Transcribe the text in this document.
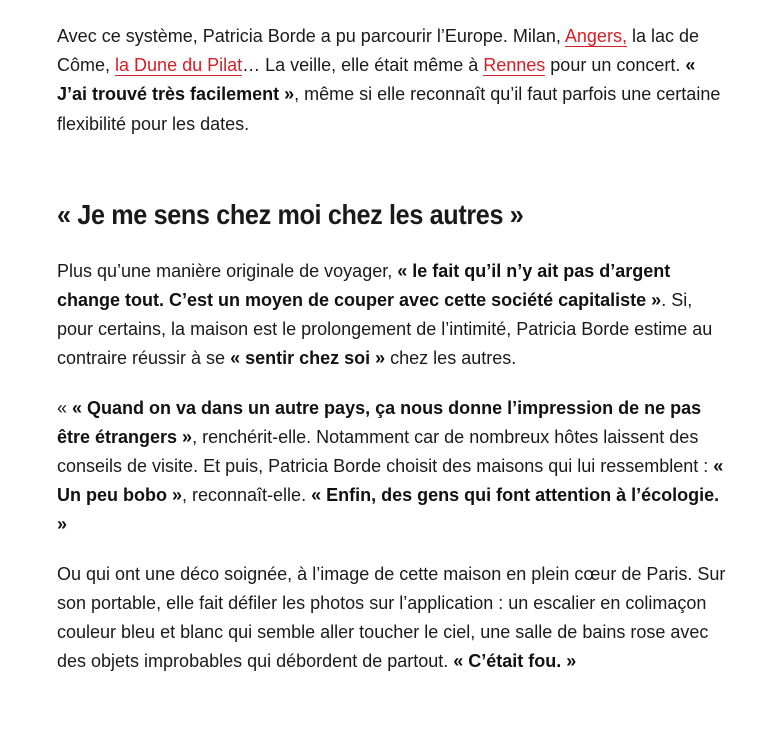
Avec ce système, Patricia Borde a pu parcourir l’Europe. Milan, Angers, la lac de Côme, la Dune du Pilat… La veille, elle était même à Rennes pour un concert. « J’ai trouvé très facilement », même si elle reconnaît qu’il faut parfois une certaine flexibilité pour les dates.

« Je me sens chez moi chez les autres »

Plus qu’une manière originale de voyager, « le fait qu’il n’y ait pas d’argent change tout. C’est un moyen de couper avec cette société capitaliste ». Si, pour certains, la maison est le prolongement de l’intimité, Patricia Borde estime au contraire réussir à se « sentir chez soi » chez les autres.

« « Quand on va dans un autre pays, ça nous donne l’impression de ne pas être étrangers », renchérit-elle. Notamment car de nombreux hôtes laissent des conseils de visite. Et puis, Patricia Borde choisit des maisons qui lui ressemblent : « Un peu bobo », reconnaît-elle. « Enfin, des gens qui font attention à l’écologie. »

Ou qui ont une déco soignée, à l’image de cette maison en plein cœur de Paris. Sur son portable, elle fait défiler les photos sur l’application : un escalier en colimaçon couleur bleu et blanc qui semble aller toucher le ciel, une salle de bains rose avec des objets improbables qui débordent de partout. « C’était fou. »
